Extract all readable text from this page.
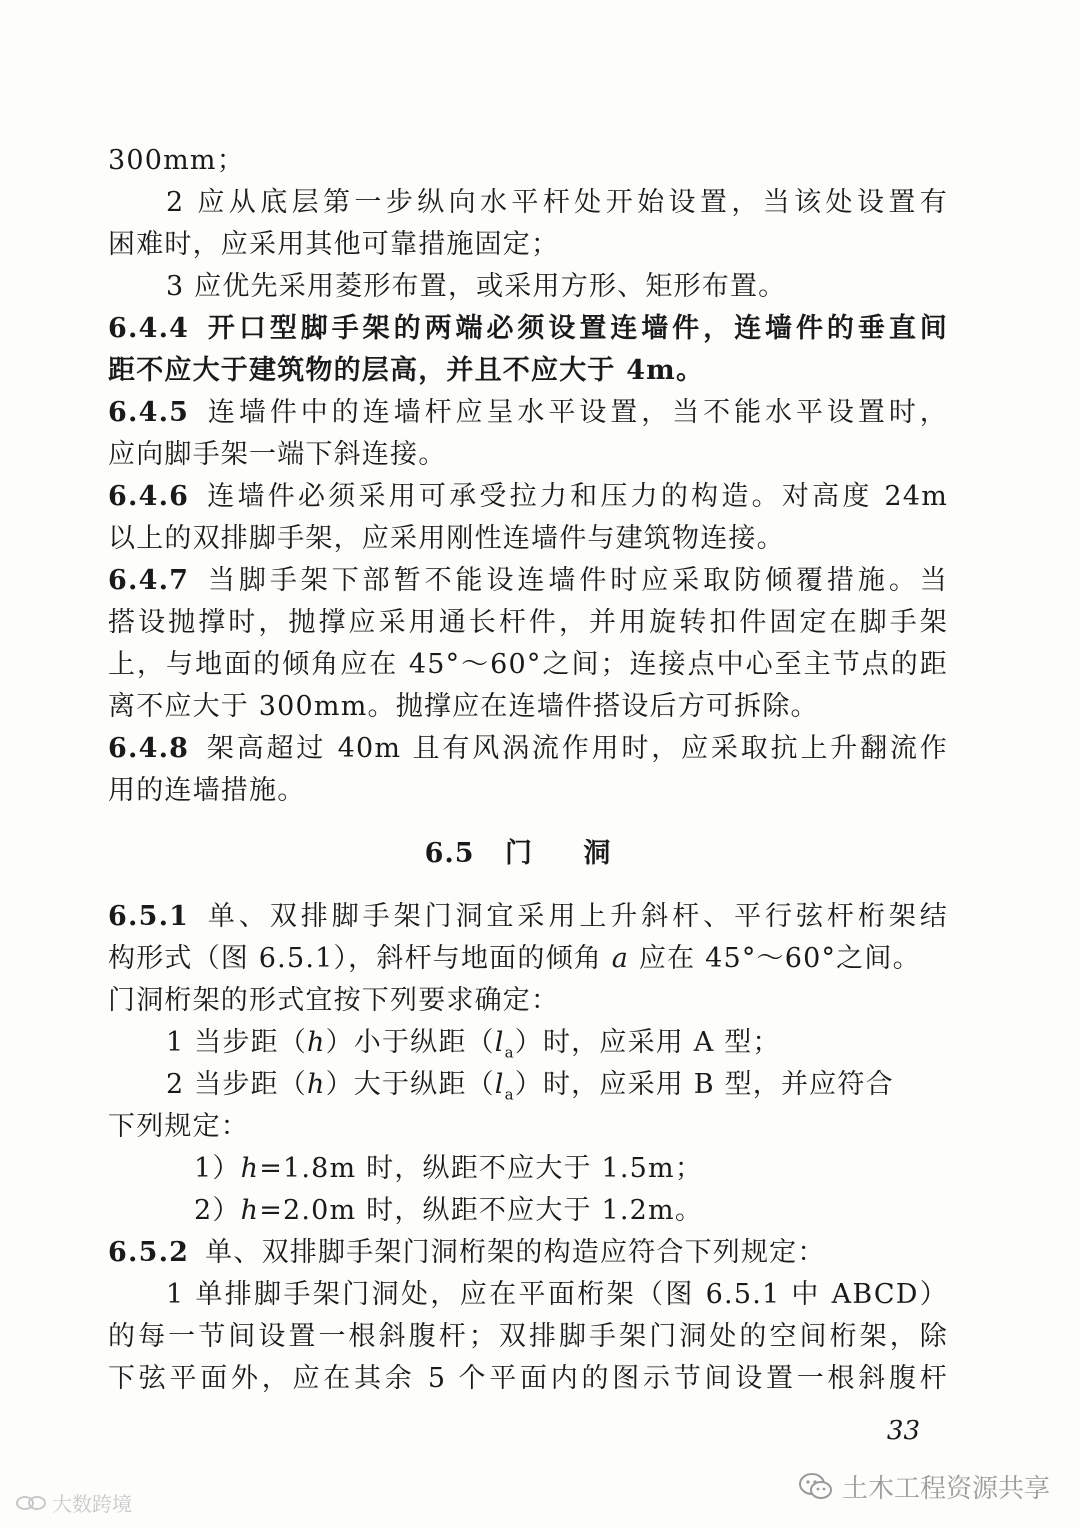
300mm；
2 应从底层第一步纵向水平杆处开始设置，当该处设置有
困难时，应采用其他可靠措施固定；
3 应优先采用菱形布置，或采用方形、矩形布置。
6.4.4 开口型脚手架的两端必须设置连墙件，连墙件的垂直间
距不应大于建筑物的层高，并且不应大于 4m。
6.4.5 连墙件中的连墙杆应呈水平设置，当不能水平设置时，
应向脚手架一端下斜连接。
6.4.6 连墙件必须采用可承受拉力和压力的构造。对高度 24m
以上的双排脚手架，应采用刚性连墙件与建筑物连接。
6.4.7 当脚手架下部暂不能设连墙件时应采取防倾覆措施。当
搭设抛撑时，抛撑应采用通长杆件，并用旋转扣件固定在脚手架
上，与地面的倾角应在 45°～60°之间；连接点中心至主节点的距
离不应大于 300mm。抛撑应在连墙件搭设后方可拆除。
6.4.8 架高超过 40m 且有风涡流作用时，应采取抗上升翻流作
用的连墙措施。
6.5 门 洞
6.5.1 单、双排脚手架门洞宜采用上升斜杆、平行弦杆桁架结
构形式（图 6.5.1），斜杆与地面的倾角 a 应在 45°～60°之间。
门洞桁架的形式宜按下列要求确定：
1 当步距（h）小于纵距$(l_a)$时，应采用 A 型；
2 当步距（h）大于纵距$(l_a)$时，应采用 B 型，并应符合
下列规定：
1）h=1.8m 时，纵距不应大于 1.5m；
2）h=2.0m 时，纵距不应大于 1.2m。
6.5.2 单、双排脚手架门洞桁架的构造应符合下列规定：
1 单排脚手架门洞处，应在平面桁架（图 6.5.1 中 ABCD）
的每一节间设置一根斜腹杆；双排脚手架门洞处的空间桁架，除
下弦平面外，应在其余 5 个平面内的图示节间设置一根斜腹杆
33
大数跨境	土木工程资源共享
